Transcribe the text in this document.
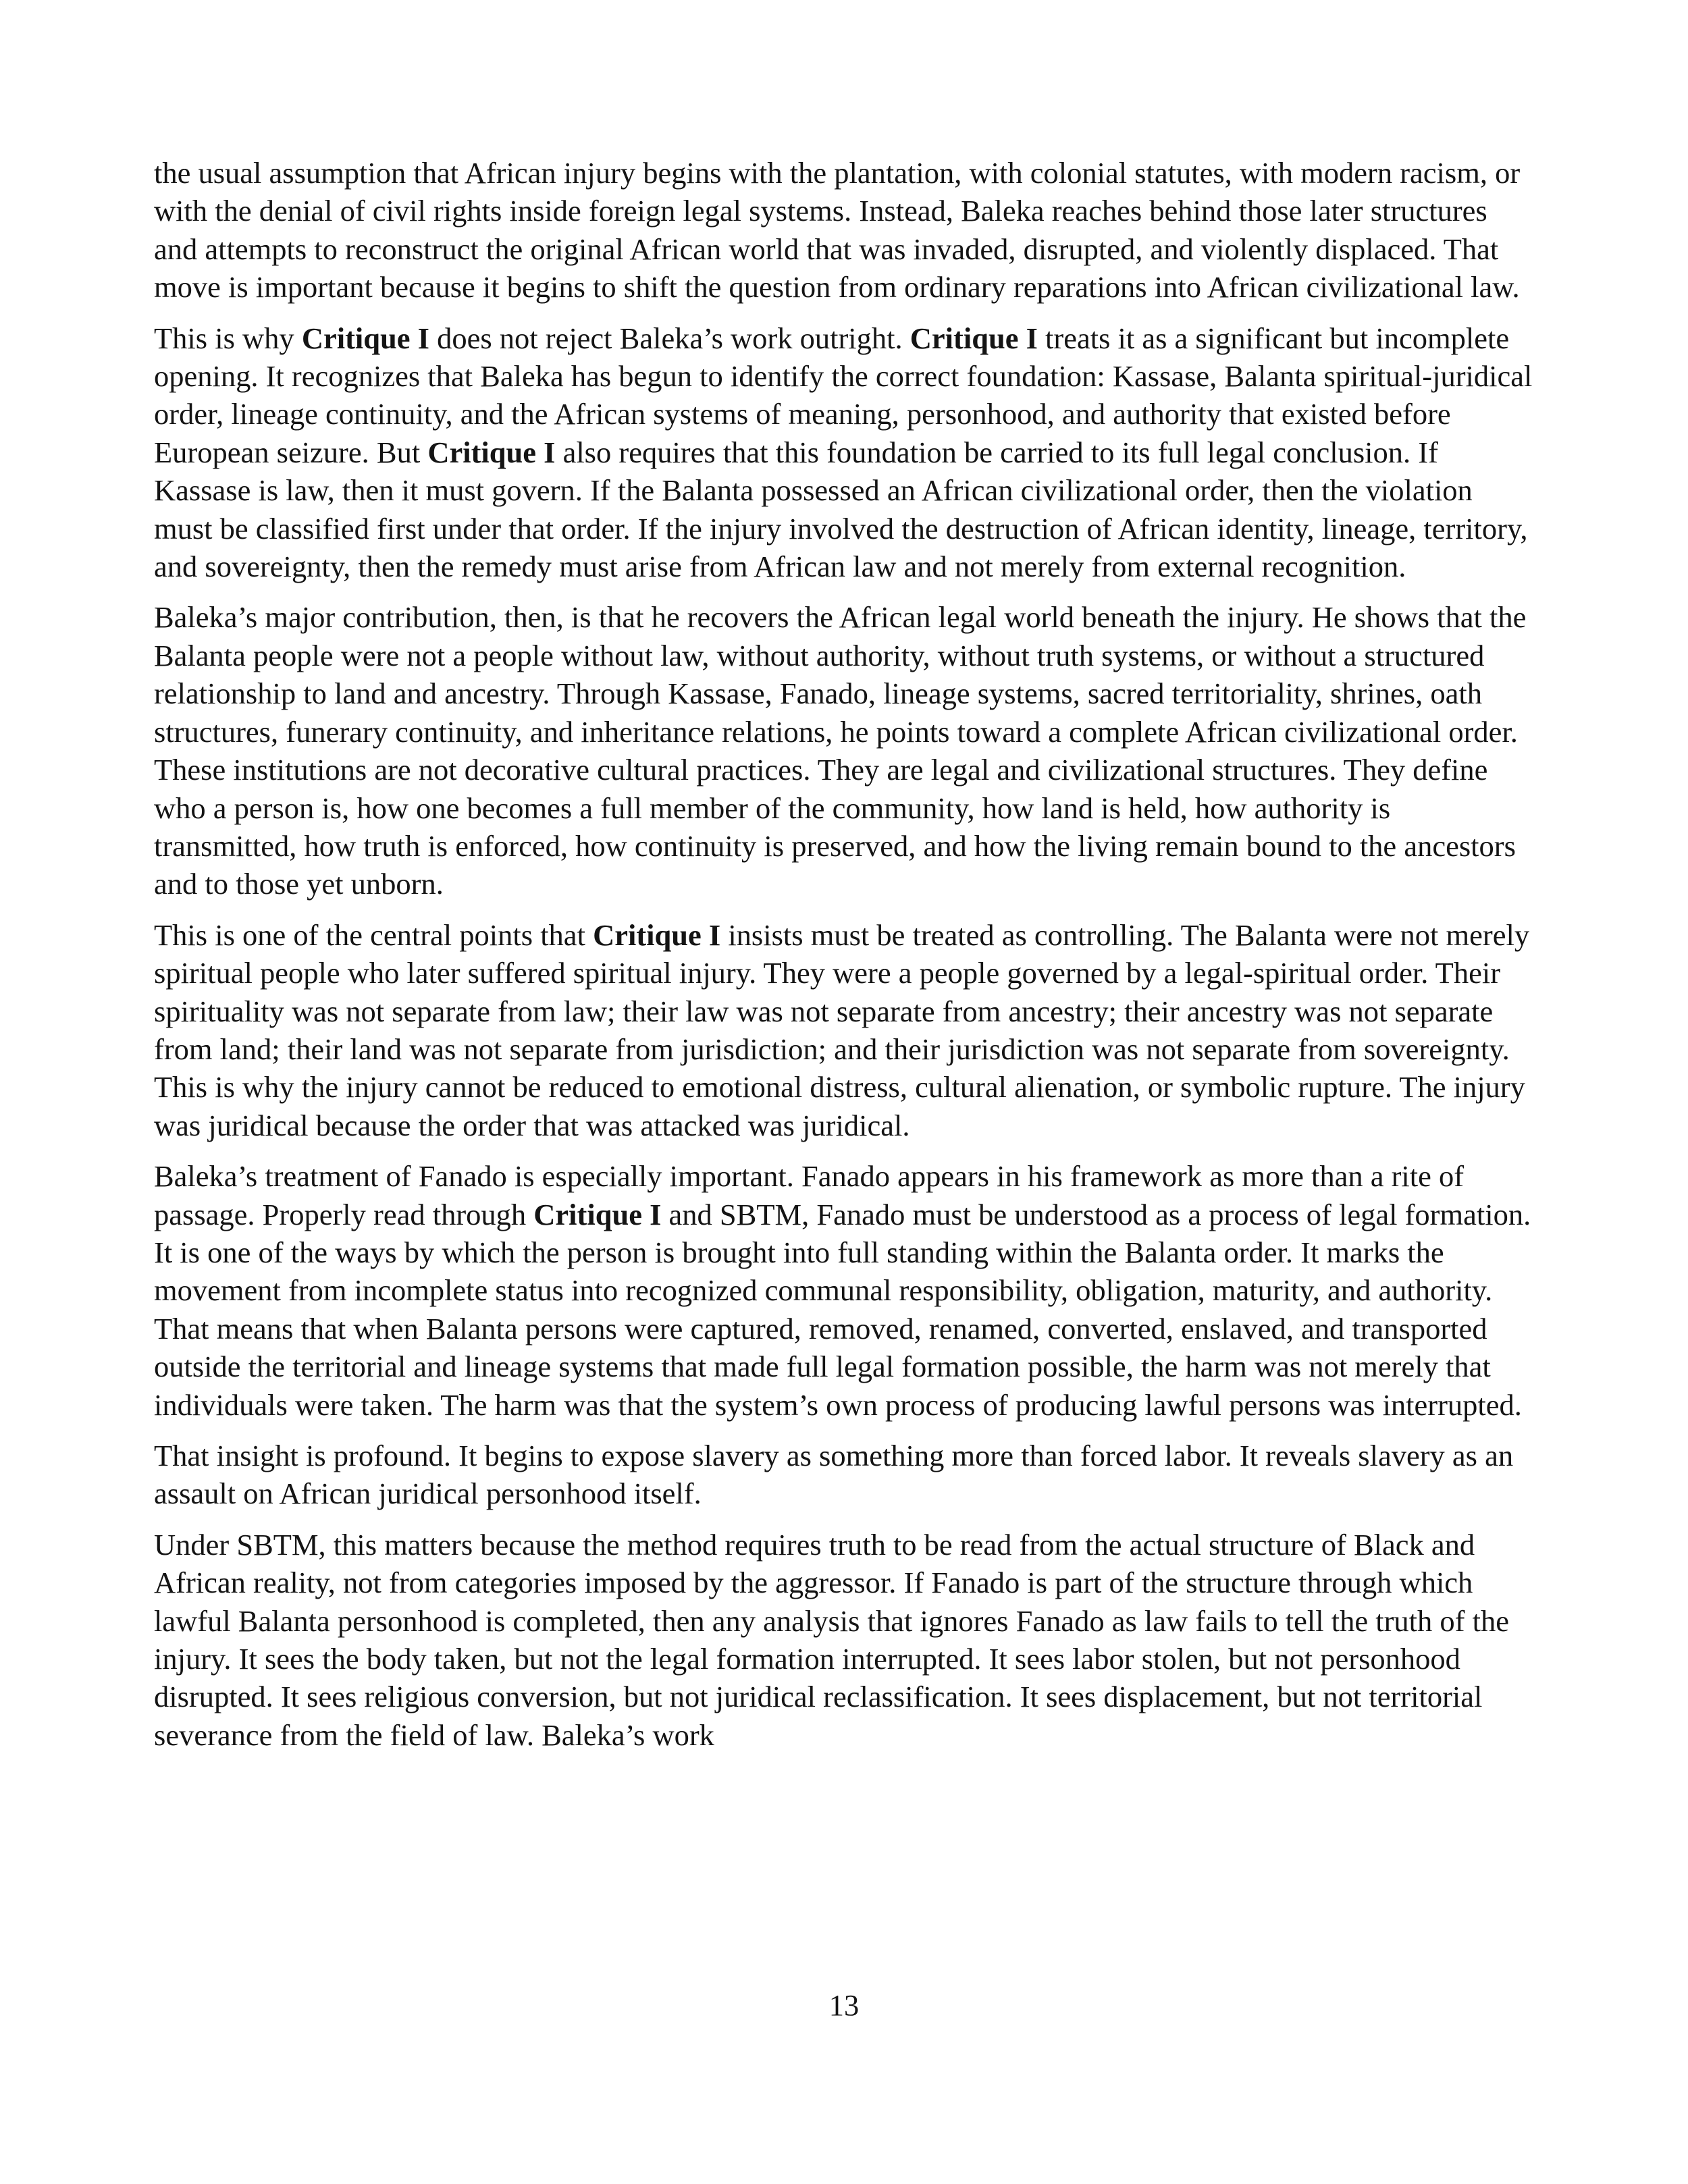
the usual assumption that African injury begins with the plantation, with colonial statutes, with modern racism, or with the denial of civil rights inside foreign legal systems. Instead, Baleka reaches behind those later structures and attempts to reconstruct the original African world that was invaded, disrupted, and violently displaced. That move is important because it begins to shift the question from ordinary reparations into African civilizational law.

This is why Critique I does not reject Baleka’s work outright. Critique I treats it as a significant but incomplete opening. It recognizes that Baleka has begun to identify the correct foundation: Kassase, Balanta spiritual-juridical order, lineage continuity, and the African systems of meaning, personhood, and authority that existed before European seizure. But Critique I also requires that this foundation be carried to its full legal conclusion. If Kassase is law, then it must govern. If the Balanta possessed an African civilizational order, then the violation must be classified first under that order. If the injury involved the destruction of African identity, lineage, territory, and sovereignty, then the remedy must arise from African law and not merely from external recognition.

Baleka’s major contribution, then, is that he recovers the African legal world beneath the injury. He shows that the Balanta people were not a people without law, without authority, without truth systems, or without a structured relationship to land and ancestry. Through Kassase, Fanado, lineage systems, sacred territoriality, shrines, oath structures, funerary continuity, and inheritance relations, he points toward a complete African civilizational order. These institutions are not decorative cultural practices. They are legal and civilizational structures. They define who a person is, how one becomes a full member of the community, how land is held, how authority is transmitted, how truth is enforced, how continuity is preserved, and how the living remain bound to the ancestors and to those yet unborn.

This is one of the central points that Critique I insists must be treated as controlling. The Balanta were not merely spiritual people who later suffered spiritual injury. They were a people governed by a legal-spiritual order. Their spirituality was not separate from law; their law was not separate from ancestry; their ancestry was not separate from land; their land was not separate from jurisdiction; and their jurisdiction was not separate from sovereignty. This is why the injury cannot be reduced to emotional distress, cultural alienation, or symbolic rupture. The injury was juridical because the order that was attacked was juridical.

Baleka’s treatment of Fanado is especially important. Fanado appears in his framework as more than a rite of passage. Properly read through Critique I and SBTM, Fanado must be understood as a process of legal formation. It is one of the ways by which the person is brought into full standing within the Balanta order. It marks the movement from incomplete status into recognized communal responsibility, obligation, maturity, and authority. That means that when Balanta persons were captured, removed, renamed, converted, enslaved, and transported outside the territorial and lineage systems that made full legal formation possible, the harm was not merely that individuals were taken. The harm was that the system’s own process of producing lawful persons was interrupted.

That insight is profound. It begins to expose slavery as something more than forced labor. It reveals slavery as an assault on African juridical personhood itself.

Under SBTM, this matters because the method requires truth to be read from the actual structure of Black and African reality, not from categories imposed by the aggressor. If Fanado is part of the structure through which lawful Balanta personhood is completed, then any analysis that ignores Fanado as law fails to tell the truth of the injury. It sees the body taken, but not the legal formation interrupted. It sees labor stolen, but not personhood disrupted. It sees religious conversion, but not juridical reclassification. It sees displacement, but not territorial severance from the field of law. Baleka’s work

13
